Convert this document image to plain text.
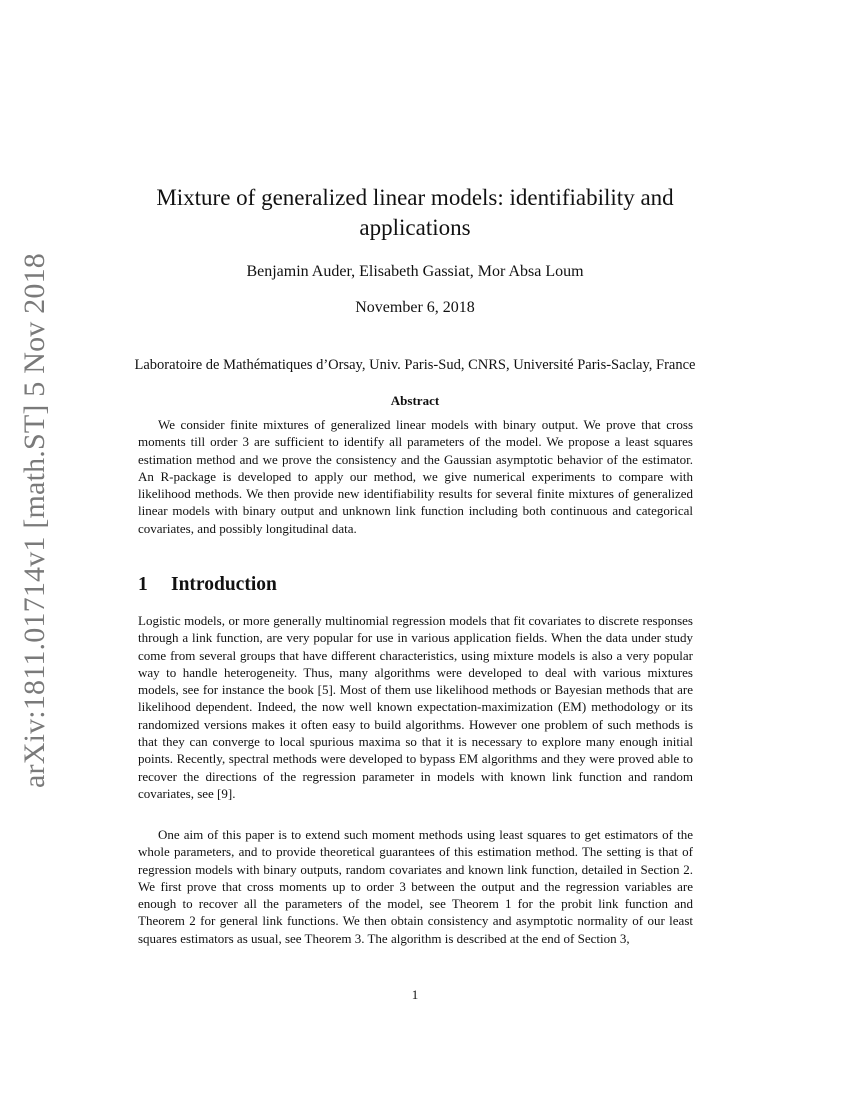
arXiv:1811.01714v1 [math.ST] 5 Nov 2018
Mixture of generalized linear models: identifiability and applications
Benjamin Auder, Elisabeth Gassiat, Mor Absa Loum
November 6, 2018
Laboratoire de Mathématiques d’Orsay, Univ. Paris-Sud, CNRS, Université Paris-Saclay, France
Abstract
We consider finite mixtures of generalized linear models with binary output. We prove that cross moments till order 3 are sufficient to identify all parameters of the model. We propose a least squares estimation method and we prove the consistency and the Gaussian asymptotic behavior of the estimator. An R-package is developed to apply our method, we give numerical experiments to compare with likelihood methods. We then provide new identifiability results for several finite mixtures of generalized linear models with binary output and unknown link function including both continuous and categorical covariates, and possibly longitudinal data.
1 Introduction
Logistic models, or more generally multinomial regression models that fit covariates to discrete responses through a link function, are very popular for use in various application fields. When the data under study come from several groups that have different characteristics, using mixture models is also a very popular way to handle heterogeneity. Thus, many algorithms were developed to deal with various mixtures models, see for instance the book [5]. Most of them use likelihood methods or Bayesian methods that are likelihood dependent. Indeed, the now well known expectation-maximization (EM) methodology or its randomized versions makes it often easy to build algorithms. However one problem of such methods is that they can converge to local spurious maxima so that it is necessary to explore many enough initial points. Recently, spectral methods were developed to bypass EM algorithms and they were proved able to recover the directions of the regression parameter in models with known link function and random covariates, see [9].
One aim of this paper is to extend such moment methods using least squares to get estimators of the whole parameters, and to provide theoretical guarantees of this estimation method. The setting is that of regression models with binary outputs, random covariates and known link function, detailed in Section 2. We first prove that cross moments up to order 3 between the output and the regression variables are enough to recover all the parameters of the model, see Theorem 1 for the probit link function and Theorem 2 for general link functions. We then obtain consistency and asymptotic normality of our least squares estimators as usual, see Theorem 3. The algorithm is described at the end of Section 3,
1
